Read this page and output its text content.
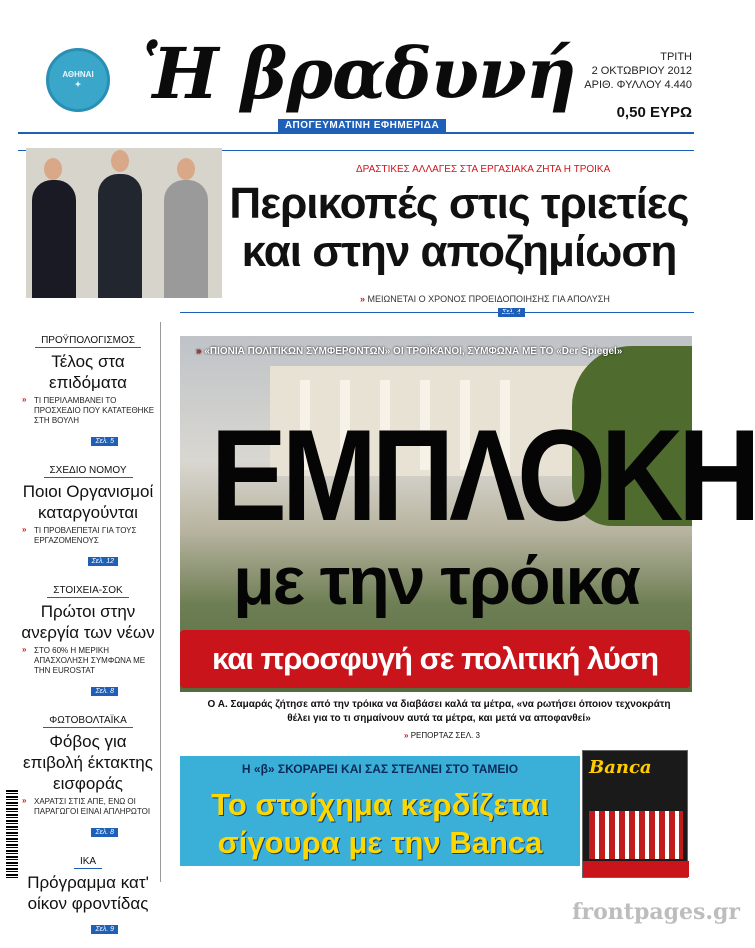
ΑΘΗΝΑΙ
✦ Ἡ βραδυνή
ΑΠΟΓΕΥΜΑΤΙΝΗ ΕΦΗΜΕΡΙΔΑ
ΤΡΙΤΗ
2 ΟΚΤΩΒΡΙΟΥ 2012
ΑΡΙΘ. ΦΥΛΛΟΥ 4.440
0,50 ΕΥΡΩ
ΔΡΑΣΤΙΚΕΣ ΑΛΛΑΓΕΣ ΣΤΑ ΕΡΓΑΣΙΑΚΑ ΖΗΤΑ Η ΤΡΟΙΚΑ
Περικοπές στις τριετίες
και στην αποζημίωση
» ΜΕΙΩΝΕΤΑΙ Ο ΧΡΟΝΟΣ ΠΡΟΕΙΔΟΠΟΙΗΣΗΣ ΓΙΑ ΑΠΟΛΥΣΗ
ΠΡΟΫΠΟΛΟΓΙΣΜΟΣ
Τέλος στα επιδόματα
» ΤΙ ΠΕΡΙΛΑΜΒΑΝΕΙ ΤΟ ΠΡΟΣΧΕΔΙΟ ΠΟΥ ΚΑΤΑΤΕΘΗΚΕ ΣΤΗ ΒΟΥΛΗ
Σελ. 5
ΣΧΕΔΙΟ ΝΟΜΟΥ
Ποιοι Οργανισμοί καταργούνται
» ΤΙ ΠΡΟΒΛΕΠΕΤΑΙ ΓΙΑ ΤΟΥΣ ΕΡΓΑΖΟΜΕΝΟΥΣ
Σελ. 12
ΣΤΟΙΧΕΙΑ-ΣΟΚ
Πρώτοι στην ανεργία των νέων
» ΣΤΟ 60% Η ΜΕΡΙΚΗ ΑΠΑΣΧΟΛΗΣΗ ΣΥΜΦΩΝΑ ΜΕ ΤΗΝ EUROSTAT
Σελ. 8
ΦΩΤΟΒΟΛΤΑΪΚΑ
Φόβος για επιβολή έκτακτης εισφοράς
» ΧΑΡΑΤΣΙ ΣΤΙΣ ΑΠΕ, ΕΝΩ ΟΙ ΠΑΡΑΓΩΓΟΙ ΕΙΝΑΙ ΑΠΛΗΡΩΤΟΙ
Σελ. 8
ΙΚΑ
Πρόγραμμα κατ' οίκον φροντίδας
Σελ. 9
» «ΠΙΟΝΙΑ ΠΟΛΙΤΙΚΩΝ ΣΥΜΦΕΡΟΝΤΩΝ» ΟΙ ΤΡΟΪΚΑΝΟΙ, ΣΥΜΦΩΝΑ ΜΕ ΤΟ «Der Spiegel»
ΕΜΠΛΟΚΗ
με την τρόικα
και προσφυγή σε πολιτική λύση
Ο Α. Σαμαράς ζήτησε από την τρόικα να διαβάσει καλά τα μέτρα, «να ρωτήσει όποιον τεχνοκράτη θέλει για το τι σημαίνουν αυτά τα μέτρα, και μετά να αποφανθεί»
» ΡΕΠΟΡΤΑΖ ΣΕΛ. 3
Η «β» ΣΚΟΡΑΡΕΙ ΚΑΙ ΣΑΣ ΣΤΕΛΝΕΙ ΣΤΟ ΤΑΜΕΙΟ
Το στοίχημα κερδίζεται
σίγουρα με την Banca
Banca
frontpages.gr
